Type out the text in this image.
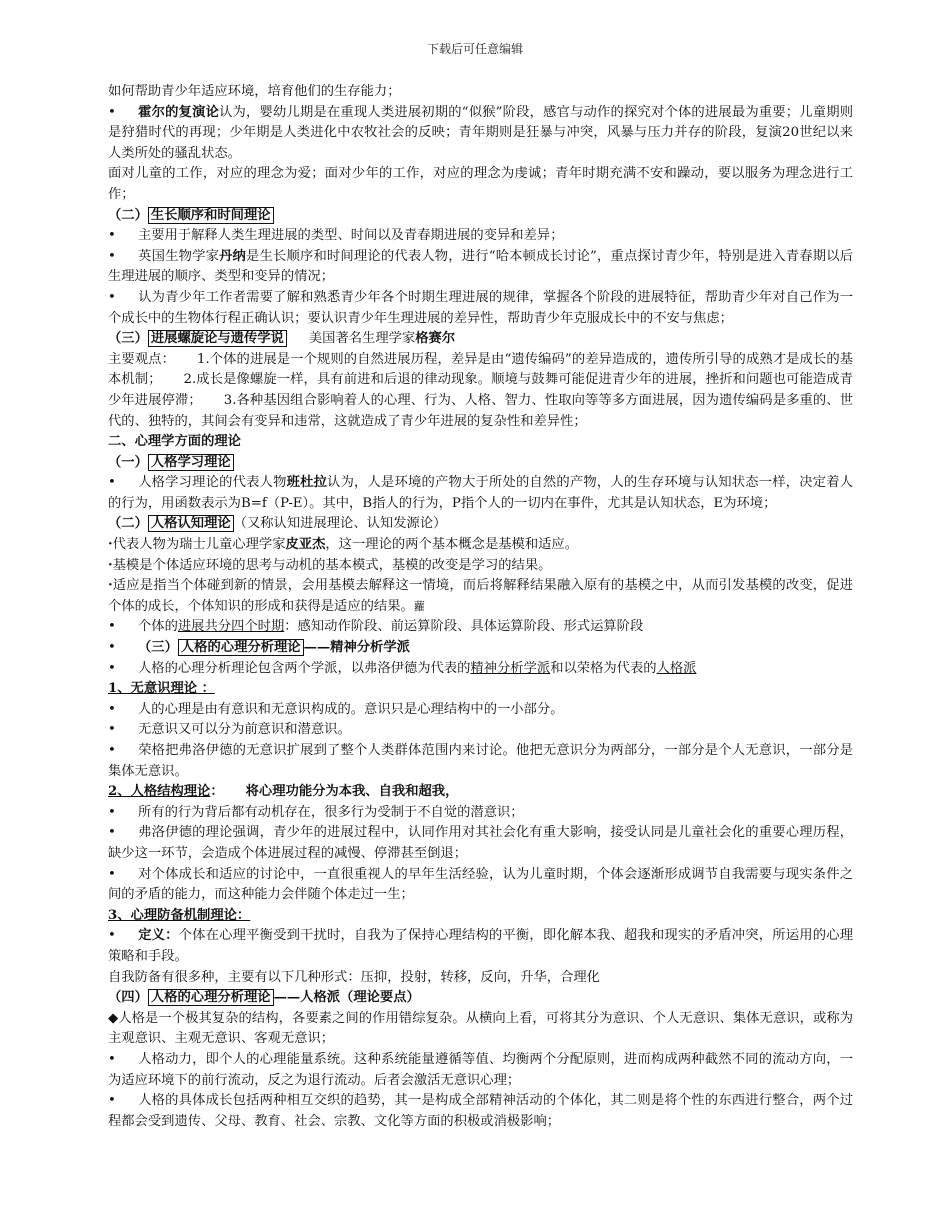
下载后可任意编辑

如何帮助青少年适应环境，培育他们的生存能力；

• 霍尔的复演论认为，婴幼儿期是在重现人类进展初期的“似猴”阶段，感官与动作的探究对个体的进展最为重要；儿童期则是狩猎时代的再现；少年期是人类进化中农牧社会的反映；青年期则是狂暴与冲突，风暴与压力并存的阶段，复演20世纪以来人类所处的骚乱状态。

面对儿童的工作，对应的理念为爱；面对少年的工作，对应的理念为虔诚；青年时期充满不安和躁动，要以服务为理念进行工作；

（二） 生长顺序和时间理论

• 主要用于解释人类生理进展的类型、时间以及青春期进展的变异和差异；

• 英国生物学家丹纳是生长顺序和时间理论的代表人物，进行“哈本顿成长讨论”，重点探讨青少年，特别是进入青春期以后生理进展的顺序、类型和变异的情况；

• 认为青少年工作者需要了解和熟悉青少年各个时期生理进展的规律，掌握各个阶段的进展特征，帮助青少年对自己作为一个成长中的生物体行程正确认识；要认识青少年生理进展的差异性，帮助青少年克服成长中的不安与焦虑；

（三） 进展螺旋论与遗传学说 美国著名生理学家格赛尔

主要观点： 1.个体的进展是一个规则的自然进展历程，差异是由“遗传编码”的差异造成的，遗传所引导的成熟才是成长的基本机制； 2.成长是像螺旋一样，具有前进和后退的律动现象。顺境与鼓舞可能促进青少年的进展，挫折和问题也可能造成青少年进展停滞； 3.各种基因组合影响着人的心理、行为、人格、智力、性取向等等多方面进展，因为遗传编码是多重的、世代的、独特的，其间会有变异和违常，这就造成了青少年进展的复杂性和差异性；

二、心理学方面的理论

（一） 人格学习理论

• 人格学习理论的代表人物班杜拉认为，人是环境的产物大于所处的自然的产物，人的生存环境与认知状态一样，决定着人的行为，用函数表示为B=f（P-E）。其中，B指人的行为，P指个人的一切内在事件，尤其是认知状态，E为环境；

（二） 人格认知理论 （又称认知进展理论、认知发源论）

· 代表人物为瑞士儿童心理学家皮亚杰，这一理论的两个基本概念是基模和适应。

· 基模是个体适应环境的思考与动机的基本模式，基模的改变是学习的结果。

· 适应是指当个体碰到新的情景，会用基模去解释这一情境，而后将解释结果融入原有的基模之中，从而引发基模的改变，促进个体的成长，个体知识的形成和获得是适应的结果。蘿

• 个体的进展共分四个时期：感知动作阶段、前运算阶段、具体运算阶段、形式运算阶段

• （三） 人格的心理分析理论 ——精神分析学派

• 人格的心理分析理论包含两个学派，以弗洛伊德为代表的精神分析学派和以荣格为代表的人格派

1、无意识理论 ：

• 人的心理是由有意识和无意识构成的。意识只是心理结构中的一小部分。

• 无意识又可以分为前意识和潜意识。

• 荣格把弗洛伊德的无意识扩展到了整个人类群体范围内来讨论。他把无意识分为两部分，一部分是个人无意识，一部分是集体无意识。

2、人格结构理论： 将心理功能分为本我、自我和超我，

• 所有的行为背后都有动机存在，很多行为受制于不自觉的潜意识；

• 弗洛伊德的理论强调，青少年的进展过程中，认同作用对其社会化有重大影响，接受认同是儿童社会化的重要心理历程，缺少这一环节，会造成个体进展过程的减慢、停滞甚至倒退；

• 对个体成长和适应的讨论中，一直很重视人的早年生活经验，认为儿童时期，个体会逐渐形成调节自我需要与现实条件之间的矛盾的能力，而这种能力会伴随个体走过一生；

3、心理防备机制理论：

• 定义：个体在心理平衡受到干扰时，自我为了保持心理结构的平衡，即化解本我、超我和现实的矛盾冲突，所运用的心理策略和手段。

自我防备有很多种，主要有以下几种形式：压抑，投射，转移，反向，升华，合理化

（四） 人格的心理分析理论 ——人格派（理论要点）

◆ 人格是一个极其复杂的结构，各要素之间的作用错综复杂。从横向上看，可将其分为意识、个人无意识、集体无意识，或称为主观意识、主观无意识、客观无意识；

• 人格动力，即个人的心理能量系统。这种系统能量遵循等值、均衡两个分配原则，进而构成两种截然不同的流动方向，一为适应环境下的前行流动，反之为退行流动。后者会激活无意识心理；

• 人格的具体成长包括两种相互交织的趋势，其一是构成全部精神活动的个体化，其二则是将个性的东西进行整合，两个过程都会受到遗传、父母、教育、社会、宗教、文化等方面的积极或消极影响；
